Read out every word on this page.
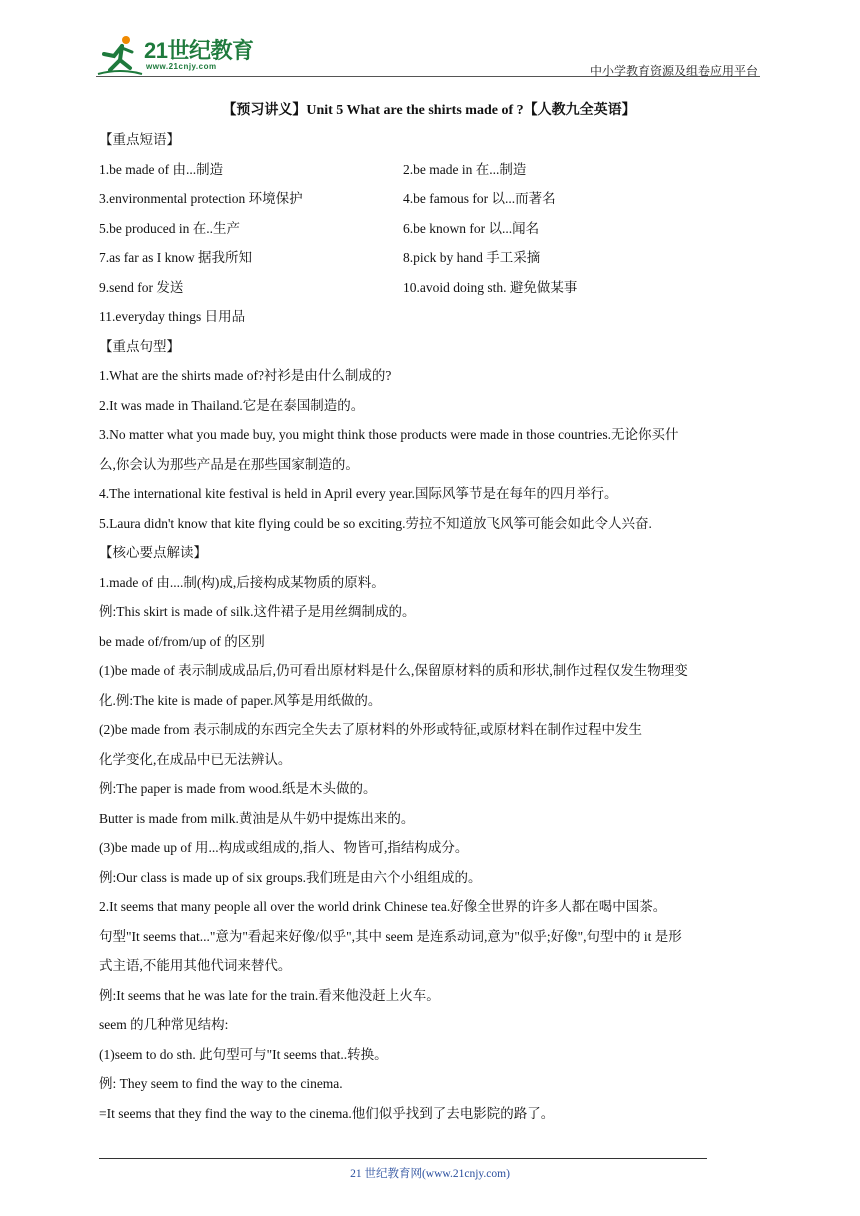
21世纪教育
www.21cnjy.com	中小学教育资源及组卷应用平台
【预习讲义】Unit 5 What are the shirts made of ?【人教九全英语】
【重点短语】
1.be made of 由...制造	2.be made in 在...制造
3.environmental protection 环境保护	4.be famous for 以...而著名
5.be produced in 在..生产	6.be known for 以...闻名
7.as far as I know 据我所知	8.pick by hand 手工采摘
9.send for 发送	10.avoid doing sth. 避免做某事
11.everyday things 日用品
【重点句型】
1.What are the shirts made of?衬衫是由什么制成的?
2.It was made in Thailand.它是在泰国制造的。
3.No matter what you made buy, you might think those products were made in those countries.无论你买什
么,你会认为那些产品是在那些国家制造的。
4.The international kite festival is held in April every year.国际风筝节是在每年的四月举行。
5.Laura didn't know that kite flying could be so exciting.劳拉不知道放飞风筝可能会如此令人兴奋.
【核心要点解读】
1.made of 由....制(构)成,后接构成某物质的原料。
例:This skirt is made of silk.这件裙子是用丝绸制成的。
be made of/from/up of 的区别
(1)be made of 表示制成成品后,仍可看出原材料是什么,保留原材料的质和形状,制作过程仅发生物理变
化.例:The kite is made of paper.风筝是用纸做的。
(2)be made from 表示制成的东西完全失去了原材料的外形或特征,或原材料在制作过程中发生
化学变化,在成品中已无法辨认。
例:The paper is made from wood.纸是木头做的。
Butter is made from milk.黄油是从牛奶中提炼出来的。
(3)be made up of 用...构成或组成的,指人、物皆可,指结构成分。
例:Our class is made up of six groups.我们班是由六个小组组成的。
2.It seems that many people all over the world drink Chinese tea.好像全世界的许多人都在喝中国茶。
句型"It seems that..."意为"看起来好像/似乎",其中 seem 是连系动词,意为"似乎;好像",句型中的 it 是形
式主语,不能用其他代词来替代。
例:It seems that he was late for the train.看来他没赶上火车。
seem 的几种常见结构:
(1)seem to do sth. 此句型可与"It seems that..转换。
例: They seem to find the way to the cinema.
=It seems that they find the way to the cinema.他们似乎找到了去电影院的路了。
21 世纪教育网(www.21cnjy.com)
